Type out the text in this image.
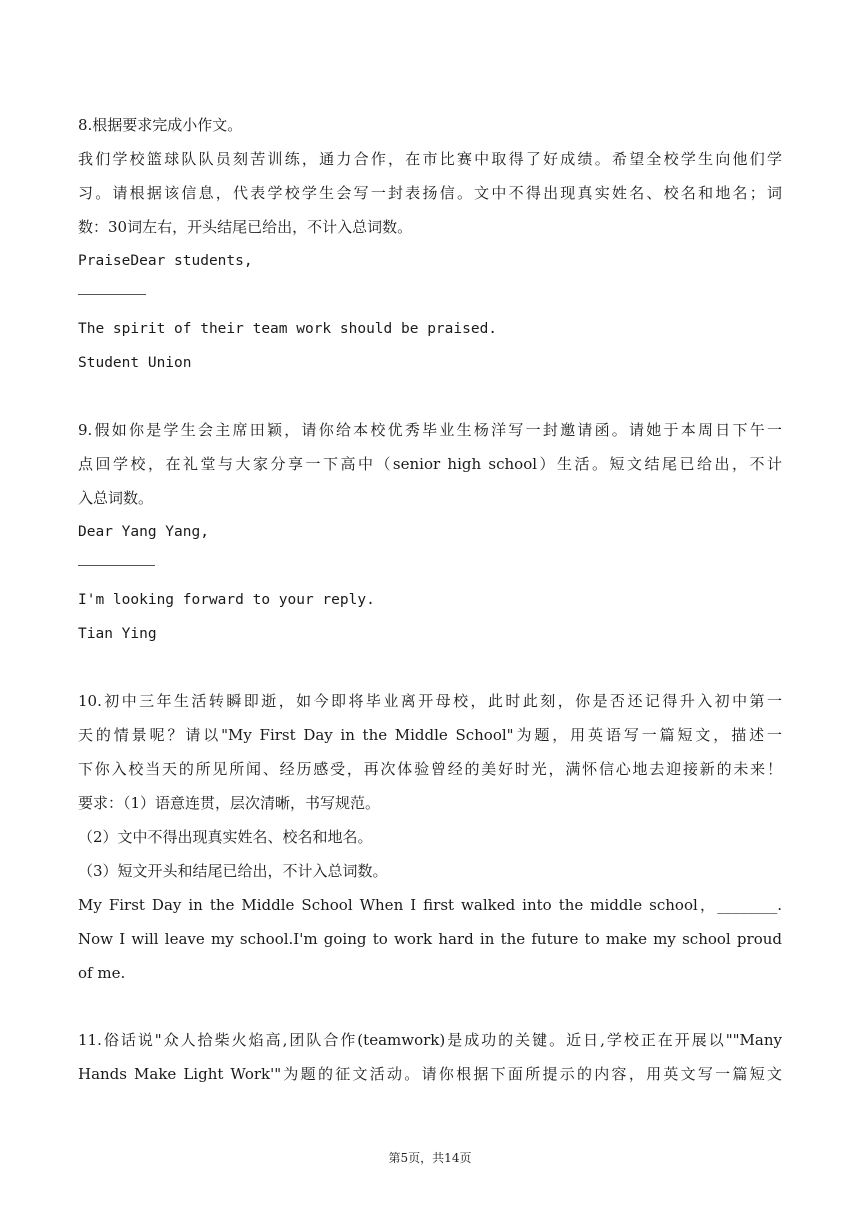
8.根据要求完成小作文。
我们学校篮球队队员刻苦训练，通力合作，在市比赛中取得了好成绩。希望全校学生向他们学
习。请根据该信息，代表学校学生会写一封表扬信。文中不得出现真实姓名、校名和地名；词
数：30词左右，开头结尾已给出，不计入总词数。
PraiseDear students,
The spirit of their team work should be praised.
Student Union
9.假如你是学生会主席田颖，请你给本校优秀毕业生杨洋写一封邀请函。请她于本周日下午一
点回学校，在礼堂与大家分享一下高中（senior high school）生活。短文结尾已给出，不计
入总词数。
Dear Yang Yang,
I'm looking forward to your reply.
Tian Ying
10.初中三年生活转瞬即逝，如今即将毕业离开母校，此时此刻，你是否还记得升入初中第一
天的情景呢？请以"My First Day in the Middle School"为题，用英语写一篇短文，描述一
下你入校当天的所见所闻、经历感受，再次体验曾经的美好时光，满怀信心地去迎接新的未来！
要求：（1）语意连贯，层次清晰，书写规范。
（2）文中不得出现真实姓名、校名和地名。
（3）短文开头和结尾已给出，不计入总词数。
My First Day in the Middle School When I first walked into the middle school，________.
Now I will leave my school.I'm going to work hard in the future to make my school proud
of me.
11.俗话说"众人拾柴火焰高,团队合作(teamwork)是成功的关键。近日,学校正在开展以""Many
Hands Make Light Work'"为题的征文活动。请你根据下面所提示的内容，用英文写一篇短文
第5页，共14页
